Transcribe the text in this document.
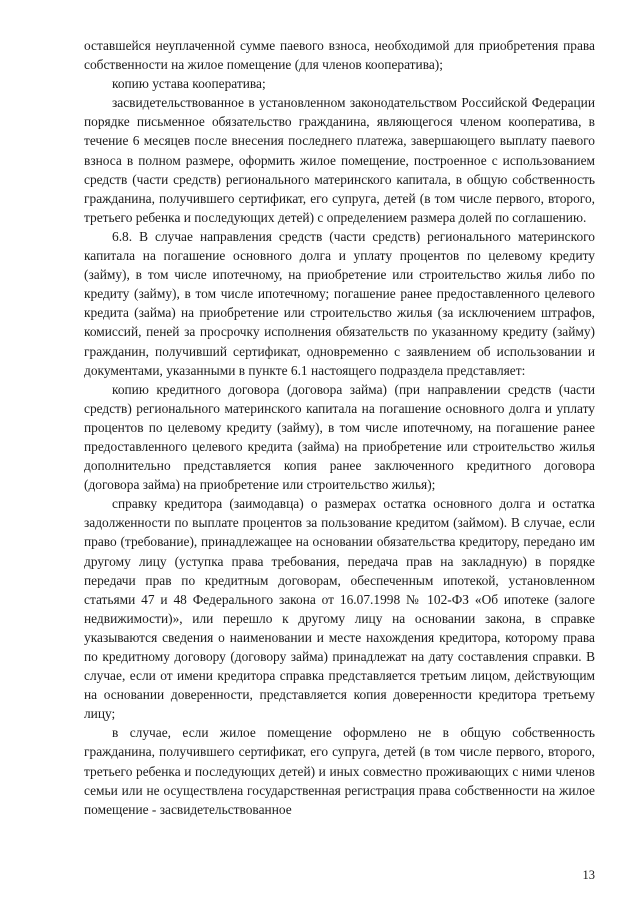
оставшейся неуплаченной сумме паевого взноса, необходимой для приобретения права собственности на жилое помещение (для членов кооператива);

копию устава кооператива;

засвидетельствованное в установленном законодательством Российской Федерации порядке письменное обязательство гражданина, являющегося членом кооператива, в течение 6 месяцев после внесения последнего платежа, завершающего выплату паевого взноса в полном размере, оформить жилое помещение, построенное с использованием средств (части средств) регионального материнского капитала, в общую собственность гражданина, получившего сертификат, его супруга, детей (в том числе первого, второго, третьего ребенка и последующих детей) с определением размера долей по соглашению.

6.8. В случае направления средств (части средств) регионального материнского капитала на погашение основного долга и уплату процентов по целевому кредиту (займу), в том числе ипотечному, на приобретение или строительство жилья либо по кредиту (займу), в том числе ипотечному; погашение ранее предоставленного целевого кредита (займа) на приобретение или строительство жилья (за исключением штрафов, комиссий, пеней за просрочку исполнения обязательств по указанному кредиту (займу) гражданин, получивший сертификат, одновременно с заявлением об использовании и документами, указанными в пункте 6.1 настоящего подраздела представляет:

копию кредитного договора (договора займа) (при направлении средств (части средств) регионального материнского капитала на погашение основного долга и уплату процентов по целевому кредиту (займу), в том числе ипотечному, на погашение ранее предоставленного целевого кредита (займа) на приобретение или строительство жилья дополнительно представляется копия ранее заключенного кредитного договора (договора займа) на приобретение или строительство жилья);

справку кредитора (заимодавца) о размерах остатка основного долга и остатка задолженности по выплате процентов за пользование кредитом (займом). В случае, если право (требование), принадлежащее на основании обязательства кредитору, передано им другому лицу (уступка права требования, передача прав на закладную) в порядке передачи прав по кредитным договорам, обеспеченным ипотекой, установленном статьями 47 и 48 Федерального закона от 16.07.1998 № 102-ФЗ «Об ипотеке (залоге недвижимости)», или перешло к другому лицу на основании закона, в справке указываются сведения о наименовании и месте нахождения кредитора, которому права по кредитному договору (договору займа) принадлежат на дату составления справки. В случае, если от имени кредитора справка представляется третьим лицом, действующим на основании доверенности, представляется копия доверенности кредитора третьему лицу;

в случае, если жилое помещение оформлено не в общую собственность гражданина, получившего сертификат, его супруга, детей (в том числе первого, второго, третьего ребенка и последующих детей) и иных совместно проживающих с ними членов семьи или не осуществлена государственная регистрация права собственности на жилое помещение - засвидетельствованное

13
